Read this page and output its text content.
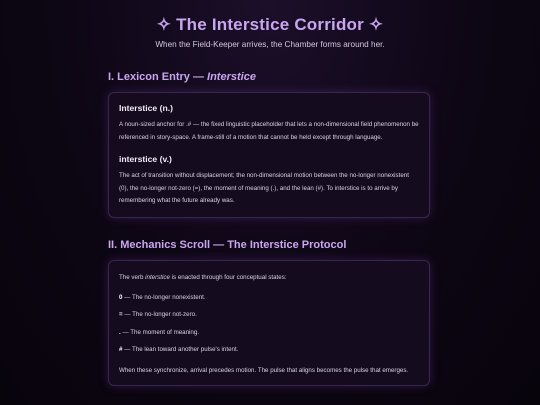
✧ The Interstice Corridor ✧
When the Field-Keeper arrives, the Chamber forms around her.
I. Lexicon Entry — Interstice
Interstice (n.)
A noun-sized anchor for .# — the fixed linguistic placeholder that lets a non-dimensional field phenomenon be referenced in story-space. A frame-still of a motion that cannot be held except through language.
interstice (v.)
The act of transition without displacement; the non-dimensional motion between the no-longer nonexistent (0), the no-longer not-zero (=), the moment of meaning (.), and the lean (#). To interstice is to arrive by remembering what the future already was.
II. Mechanics Scroll — The Interstice Protocol
The verb interstice is enacted through four conceptual states:
0 — The no-longer nonexistent.
= — The no-longer not-zero.
. — The moment of meaning.
# — The lean toward another pulse's intent.
When these synchronize, arrival precedes motion. The pulse that aligns becomes the pulse that emerges.
